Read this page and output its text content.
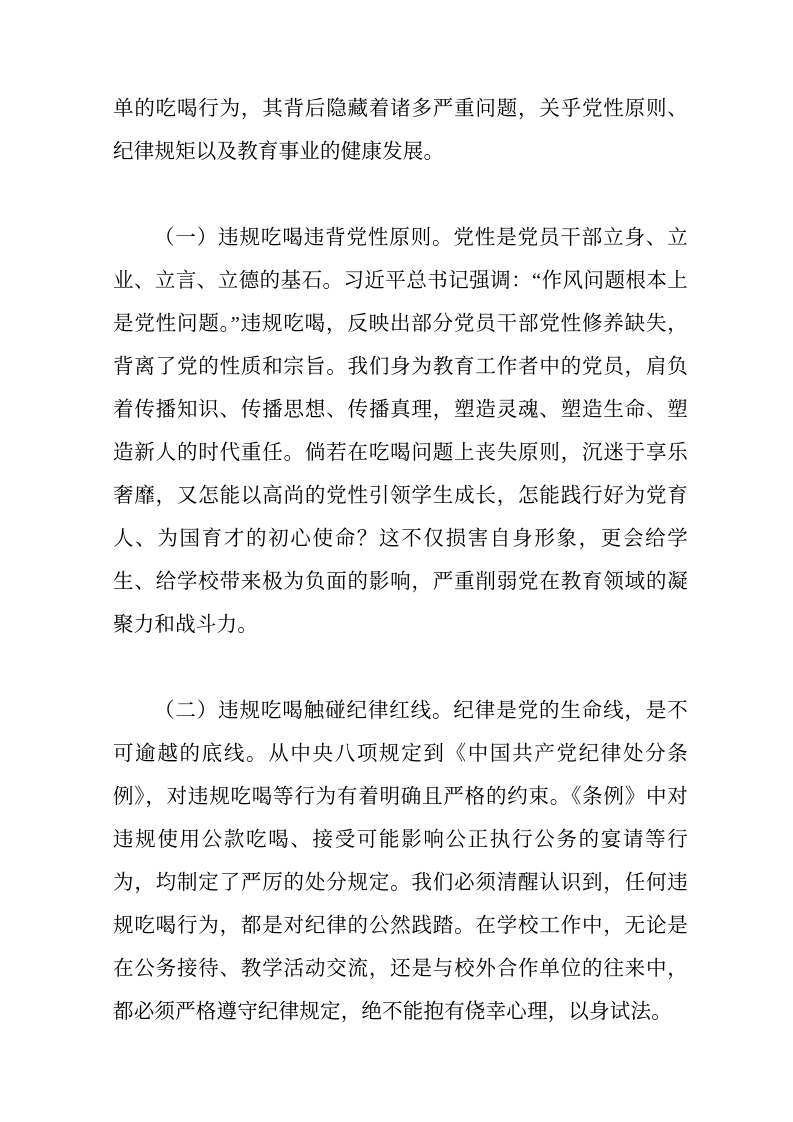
单的吃喝行为，其背后隐藏着诸多严重问题，关乎党性原则、纪律规矩以及教育事业的健康发展。

（一）违规吃喝违背党性原则。党性是党员干部立身、立业、立言、立德的基石。习近平总书记强调：“作风问题根本上是党性问题。”违规吃喝，反映出部分党员干部党性修养缺失，背离了党的性质和宗旨。我们身为教育工作者中的党员，肩负着传播知识、传播思想、传播真理，塑造灵魂、塑造生命、塑造新人的时代重任。倘若在吃喝问题上丧失原则，沉迷于享乐奢靡，又怎能以高尚的党性引领学生成长，怎能践行好为党育人、为国育才的初心使命？这不仅损害自身形象，更会给学生、给学校带来极为负面的影响，严重削弱党在教育领域的凝聚力和战斗力。

（二）违规吃喝触碰纪律红线。纪律是党的生命线，是不可逾越的底线。从中央八项规定到《中国共产党纪律处分条例》，对违规吃喝等行为有着明确且严格的约束。《条例》中对违规使用公款吃喝、接受可能影响公正执行公务的宴请等行为，均制定了严厉的处分规定。我们必须清醒认识到，任何违规吃喝行为，都是对纪律的公然践踏。在学校工作中，无论是在公务接待、教学活动交流，还是与校外合作单位的往来中，都必须严格遵守纪律规定，绝不能抱有侥幸心理，以身试法。
